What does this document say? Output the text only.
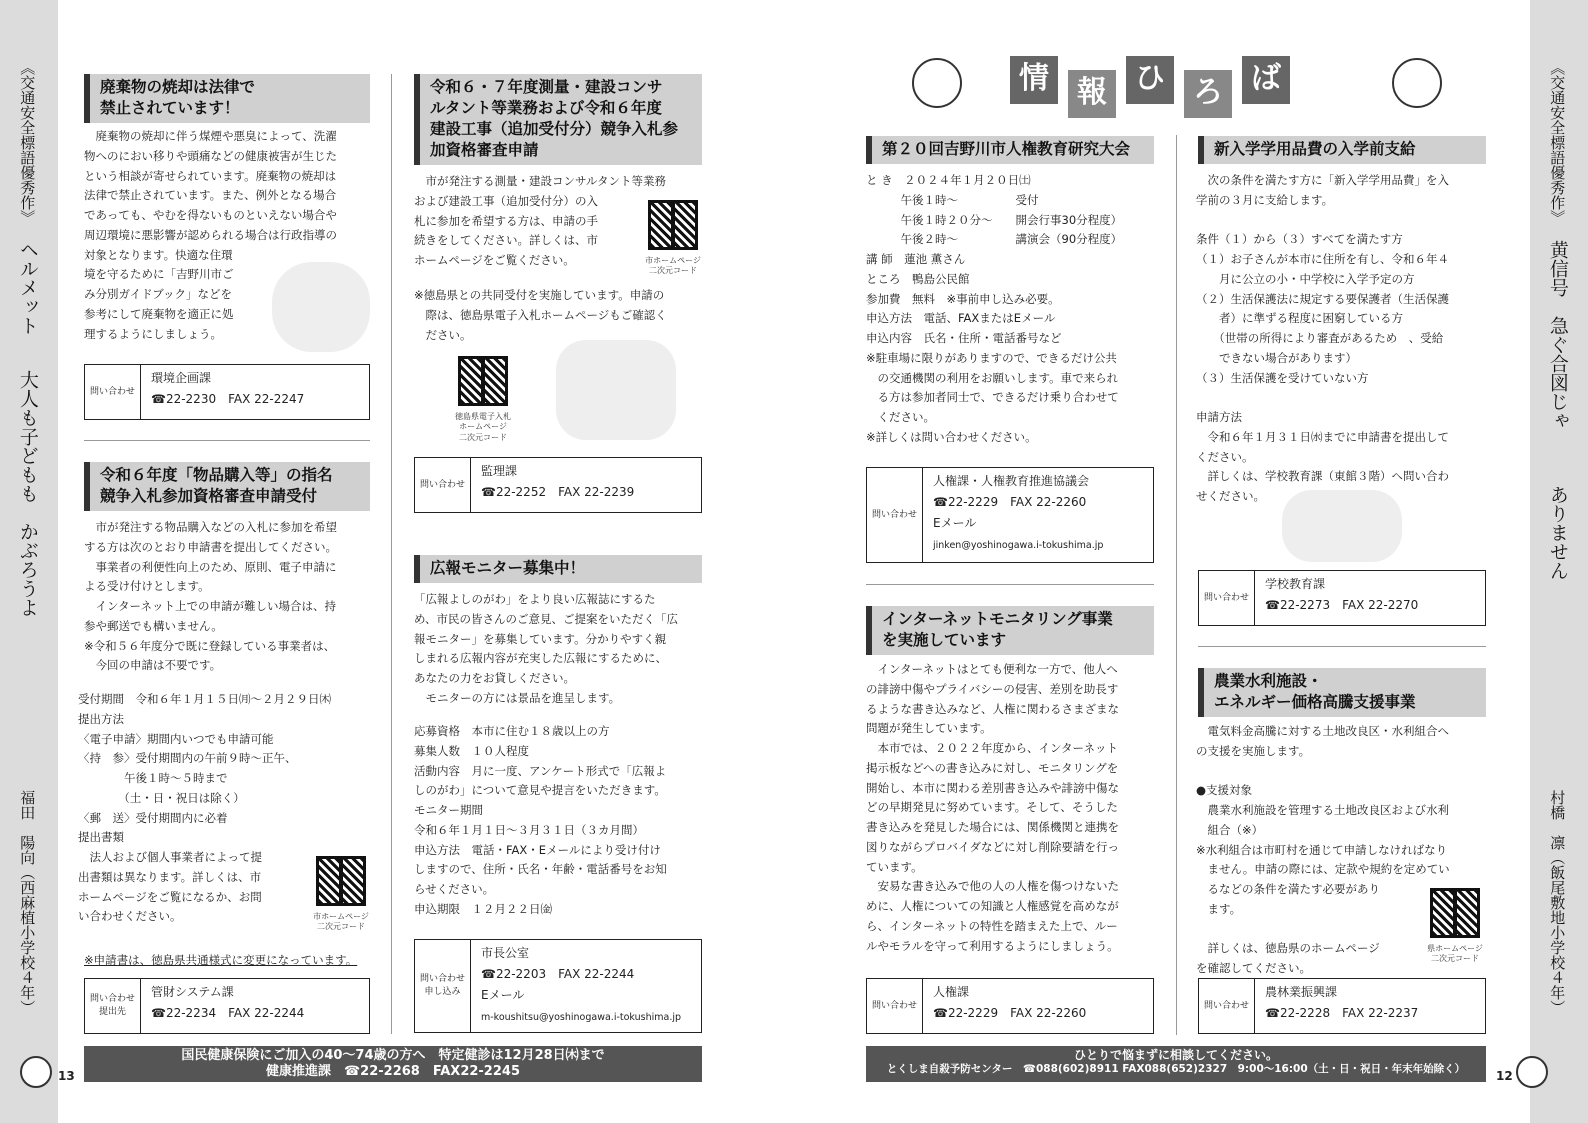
《交通安全標語優秀作》
ヘルメット
大人も子どもも　かぶろうよ
福田　陽向（西麻植小学校４年）
《交通安全標語優秀作》
黄信号　急ぐ合図じゃ
ありません
村橋　凛（飯尾敷地小学校４年）
情 報 ひ ろ ば
廃棄物の焼却は法律で
禁止されています！
　廃棄物の焼却に伴う煤煙や悪臭によって、洗濯
物へのにおい移りや頭痛などの健康被害が生じた
という相談が寄せられています。廃棄物の焼却は
法律で禁止されています。また、例外となる場合
であっても、やむを得ないものといえない場合や
周辺環境に悪影響が認められる場合は行政指導の
対象となります。快適な住環
境を守るために「吉野川市ご
み分別ガイドブック」などを
参考にして廃棄物を適正に処
理するようにしましょう。
問い合わせ
環境企画課
☎22-2230　FAX 22-2247
令和６年度「物品購入等」の指名
競争入札参加資格審査申請受付
　市が発注する物品購入などの入札に参加を希望
する方は次のとおり申請書を提出してください。
　事業者の利便性向上のため、原則、電子申請に
よる受け付けとします。
　インターネット上での申請が難しい場合は、持
参や郵送でも構いません。
※令和５６年度分で既に登録している事業者は、
　今回の申請は不要です。
受付期間　令和６年１月１５日㈪〜２月２９日㈭
提出方法
〈電子申請〉期間内いつでも申請可能
〈持　参〉受付期間内の午前９時〜正午、
　　　　午後１時〜５時まで
　　　　（土・日・祝日は除く）
〈郵　送〉受付期間内に必着
提出書類
　法人および個人事業者によって提
出書類は異なります。詳しくは、市
ホームページをご覧になるか、お問
い合わせください。	市ホームページ
二次元コード
※申請書は、徳島県共通様式に変更になっています。
問い合わせ
提出先
管財システム課
☎22-2234　FAX 22-2244
令和６・７年度測量・建設コンサ
ルタント等業務および令和６年度
建設工事（追加受付分）競争入札参
加資格審査申請
　市が発注する測量・建設コンサルタント等業務
および建設工事（追加受付分）の入
札に参加を希望する方は、申請の手
続きをしてください。詳しくは、市
ホームページをご覧ください。	市ホームページ
二次元コード
※徳島県との共同受付を実施しています。申請の
　際は、徳島県電子入札ホームページもご確認く
　ださい。
徳島県電子入札
ホームページ
二次元コード
問い合わせ
監理課
☎22-2252　FAX 22-2239
広報モニター募集中！
「広報よしのがわ」をより良い広報誌にするた
め、市民の皆さんのご意見、ご提案をいただく「広
報モニター」を募集しています。分かりやすく親
しまれる広報内容が充実した広報にするために、
あなたの力をお貸しください。
　モニターの方には景品を進呈します。
応募資格　本市に住む１８歳以上の方
募集人数　１０人程度
活動内容　月に一度、アンケート形式で「広報よ
しのがわ」について意見や提言をいただきます。
モニター期間
令和６年１月１日〜３月３１日（３カ月間）
申込方法　電話・FAX・Eメールにより受け付け
しますので、住所・氏名・年齢・電話番号をお知
らせください。
申込期限　１２月２２日㈮
問い合わせ
申し込み
市長公室
☎22-2203　FAX 22-2244
Eメール
m-koushitsu@yoshinogawa.i-tokushima.jp
第２０回吉野川市人権教育研究大会
と き　２０２４年１月２０日㈯
　　　午後１時〜　　　　　受付
　　　午後１時２０分〜　　開会行事30分程度）
　　　午後２時〜　　　　　講演会（90分程度）
講 師　蓮池 薫さん
ところ　鴨島公民館
参加費　無料　※事前申し込み必要。
申込方法　電話、FAXまたはEメール
申込内容　氏名・住所・電話番号など
※駐車場に限りがありますので、できるだけ公共
　の交通機関の利用をお願いします。車で来られ
　る方は参加者同士で、できるだけ乗り合わせて
　ください。
※詳しくは問い合わせください。
問い合わせ
人権課・人権教育推進協議会
☎22-2229　FAX 22-2260
Eメール
jinken@yoshinogawa.i-tokushima.jp
インターネットモニタリング事業
を実施しています
　インターネットはとても便利な一方で、他人へ
の誹謗中傷やプライバシーの侵害、差別を助長す
るような書き込みなど、人権に関わるさまざまな
問題が発生しています。
　本市では、２０２２年度から、インターネット
掲示板などへの書き込みに対し、モニタリングを
開始し、本市に関わる差別書き込みや誹謗中傷な
どの早期発見に努めています。そして、そうした
書き込みを発見した場合には、関係機関と連携を
図りながらプロバイダなどに対し削除要請を行っ
ています。
　安易な書き込みで他の人の人権を傷つけないた
めに、人権についての知識と人権感覚を高めなが
ら、インターネットの特性を踏まえた上で、ルー
ルやモラルを守って利用するようにしましょう。
問い合わせ
人権課
☎22-2229　FAX 22-2260
新入学学用品費の入学前支給
　次の条件を満たす方に「新入学学用品費」を入
学前の３月に支給します。

条件（１）から（３）すべてを満たす方
（１）お子さんが本市に住所を有し、令和６年４
　　月に公立の小・中学校に入学予定の方
（２）生活保護法に規定する要保護者（生活保護
　　者）に準ずる程度に困窮している方
　　（世帯の所得により審査があるため　、受給
　　できない場合があります）
（３）生活保護を受けていない方

申請方法
　令和６年１月３１日㈬までに申請書を提出して
ください。
　詳しくは、学校教育課（東館３階）へ問い合わ
せください。
問い合わせ
学校教育課
☎22-2273　FAX 22-2270
農業水利施設・
エネルギー価格高騰支援事業
　電気料金高騰に対する土地改良区・水利組合へ
の支援を実施します。

●支援対象
　農業水利施設を管理する土地改良区および水利
　組合（※）
※水利組合は市町村を通じて申請しなければなり
　ません。申請の際には、定款や規約を定めてい
　るなどの条件を満たす必要があり
　ます。

　詳しくは、徳島県のホームページ
を確認してください。
県ホームページ
二次元コード
問い合わせ
農林業振興課
☎22-2228　FAX 22-2237
国民健康保険にご加入の40〜74歳の方へ　特定健診は12月28日㈭まで
健康推進課　☎22-2268　FAX22-2245
ひとりで悩まずに相談してください。
とくしま自殺予防センター　☎088(602)8911 FAX088(652)2327　9:00〜16:00（土・日・祝日・年末年始除く）
13	12
